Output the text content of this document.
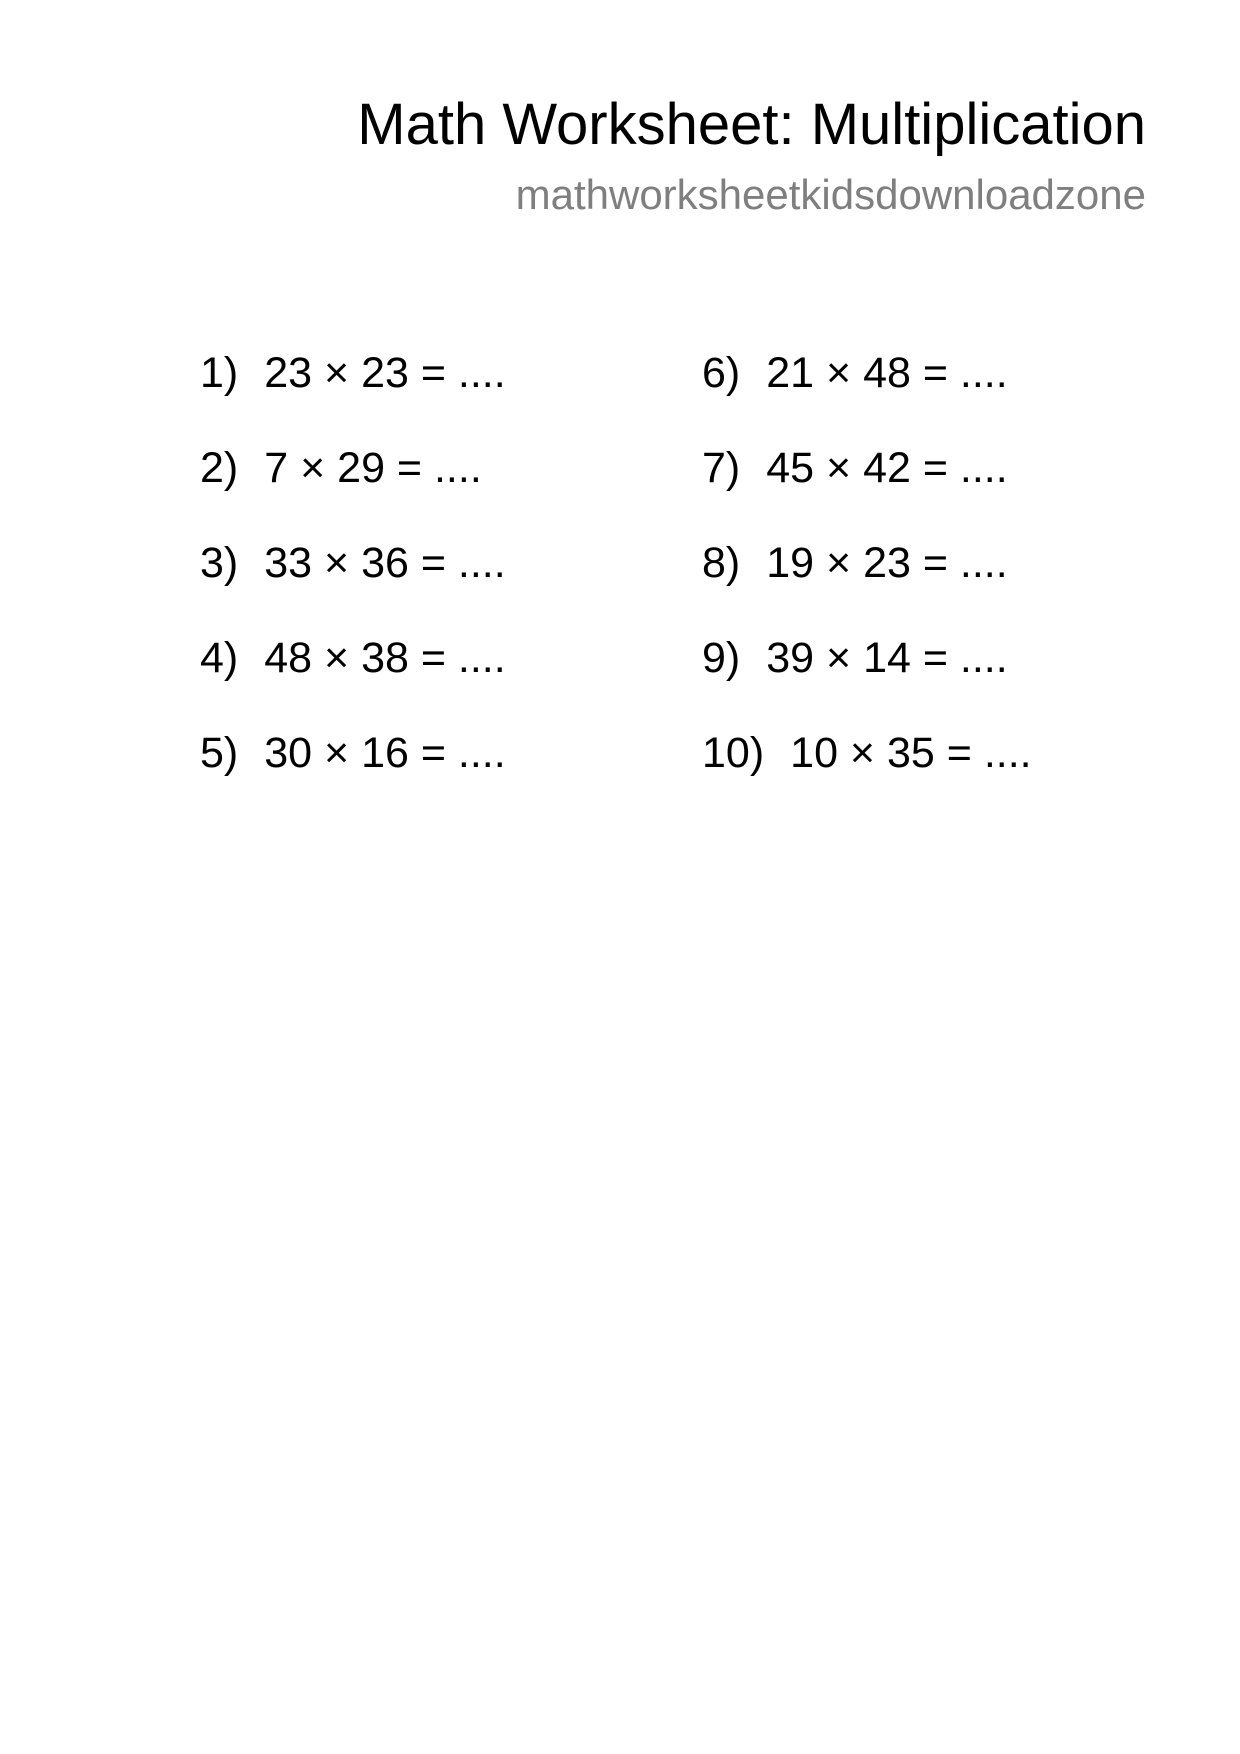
Math Worksheet: Multiplication
mathworksheetkidsdownloadzone
1) 23 × 23 = ....
2) 7 × 29 = ....
3) 33 × 36 = ....
4) 48 × 38 = ....
5) 30 × 16 = ....
6) 21 × 48 = ....
7) 45 × 42 = ....
8) 19 × 23 = ....
9) 39 × 14 = ....
10) 10 × 35 = ....
